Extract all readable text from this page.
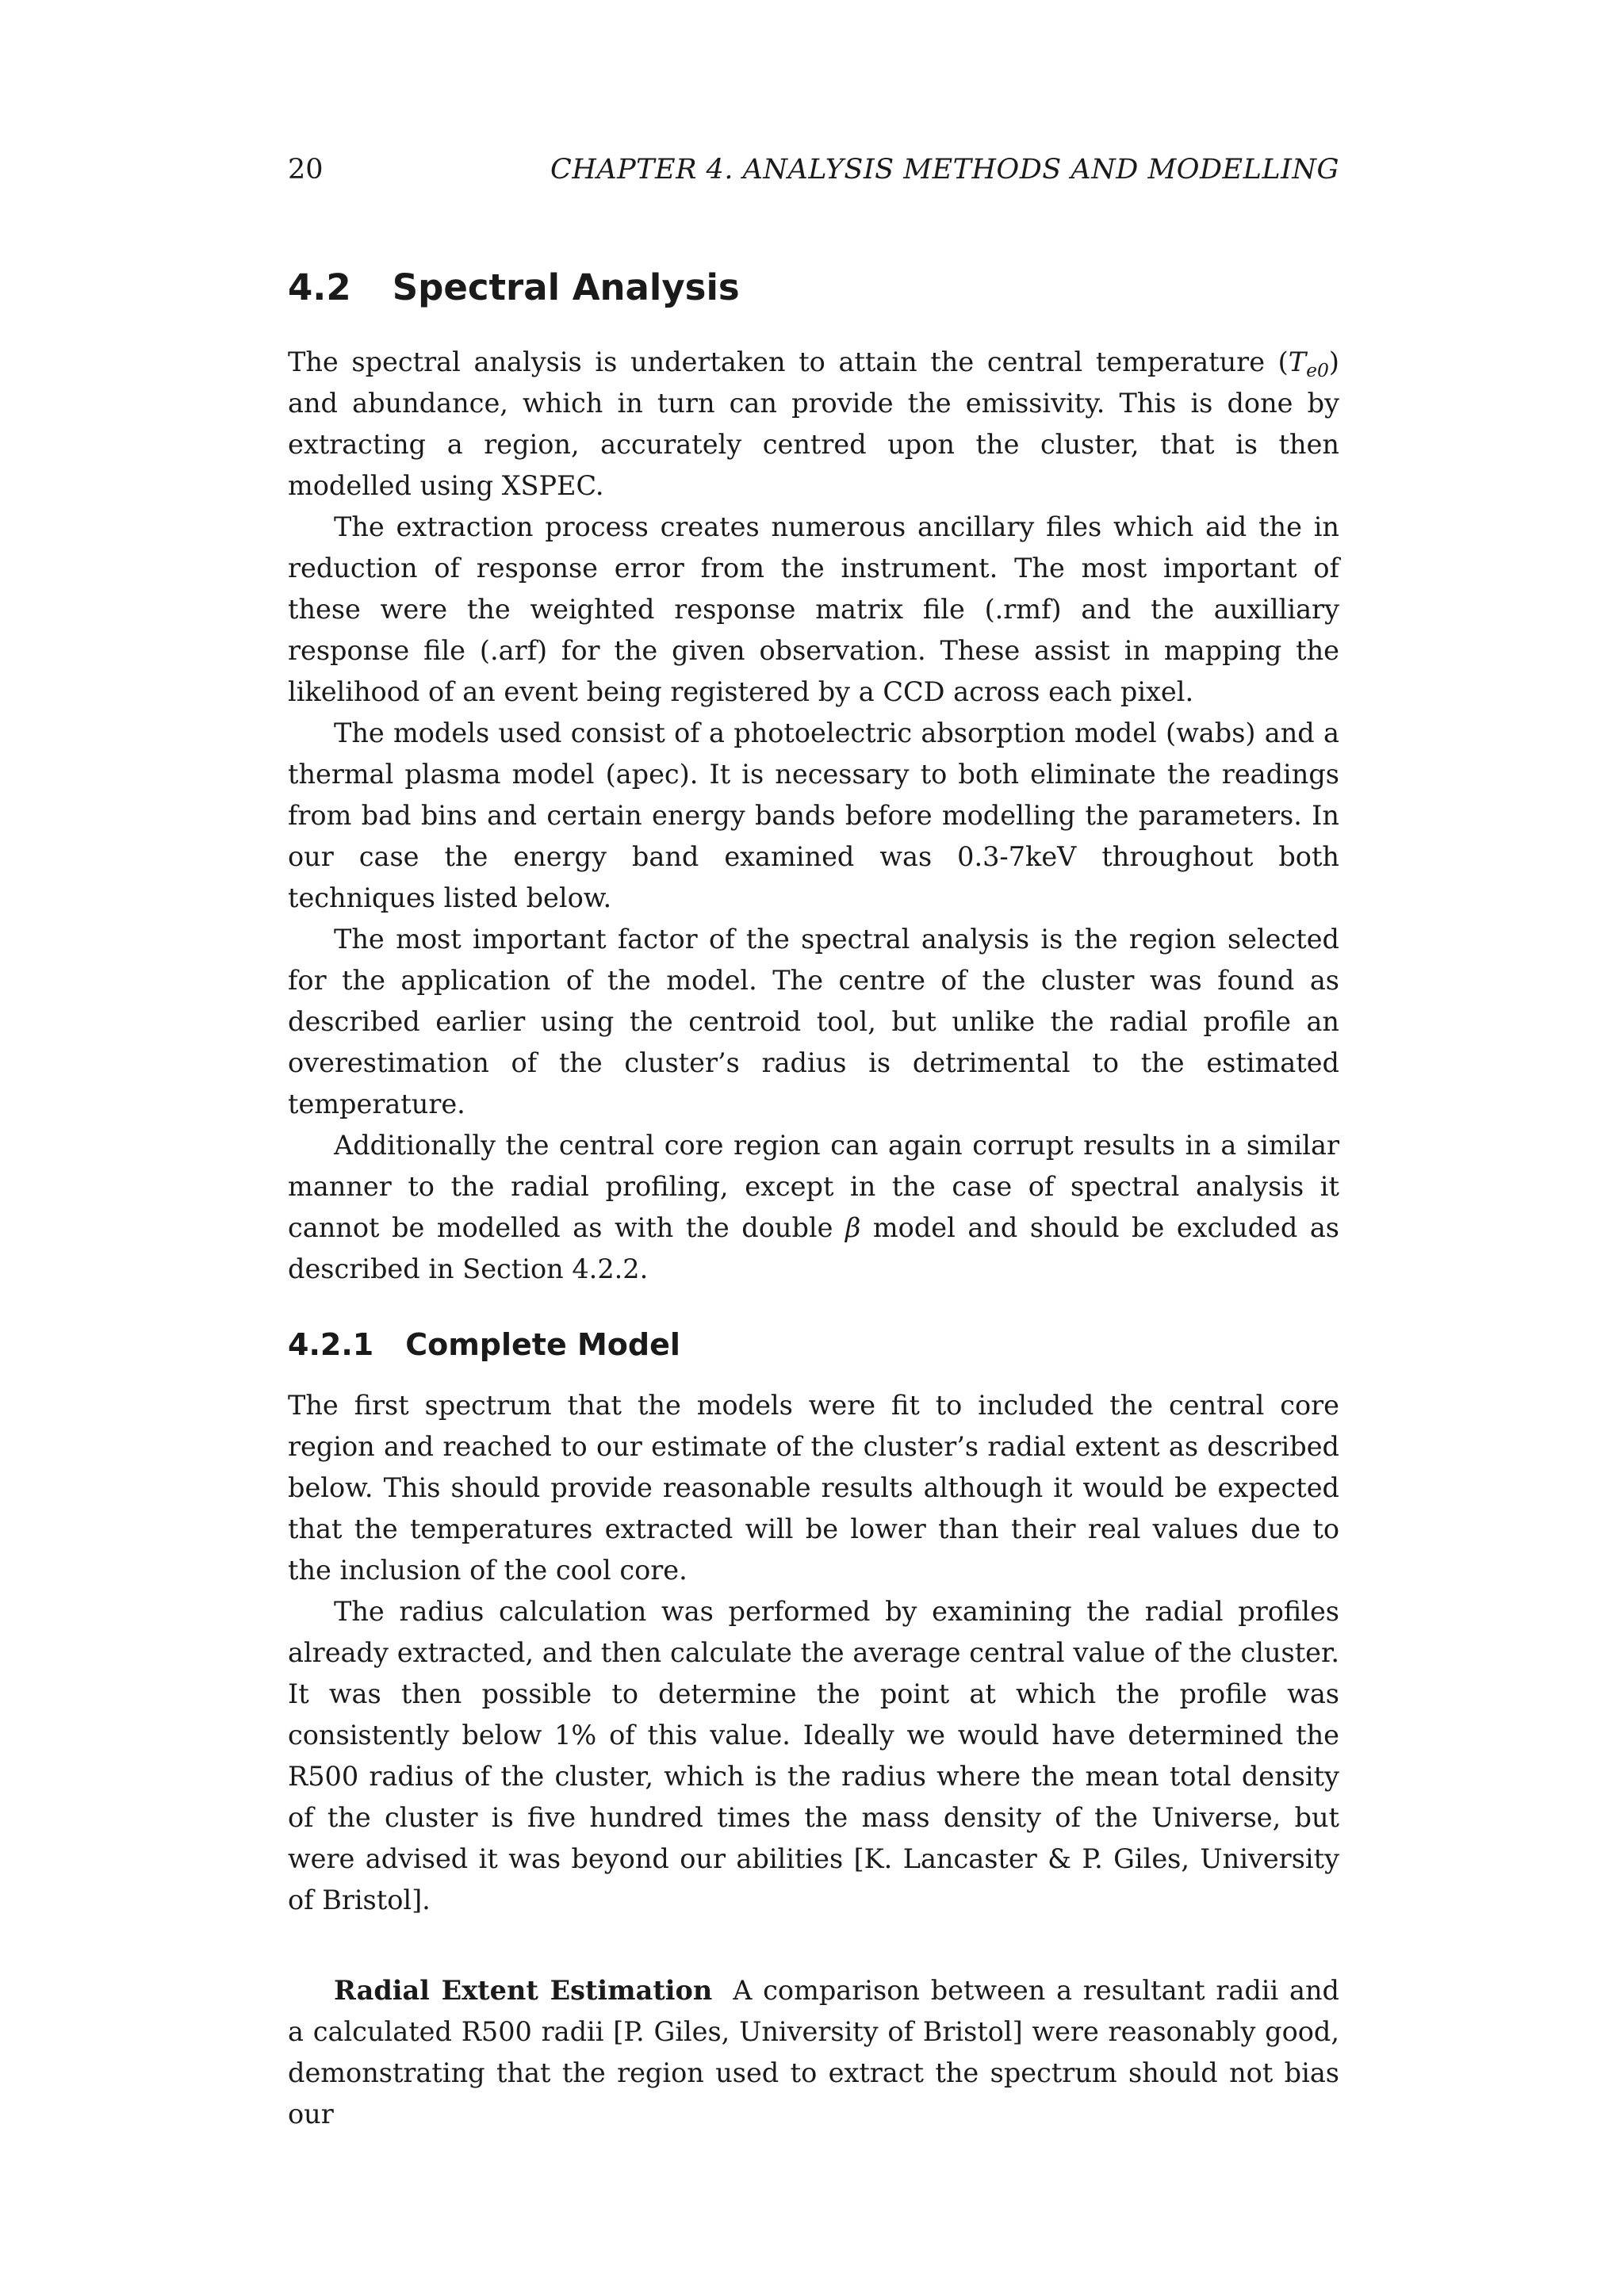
20	CHAPTER 4. ANALYSIS METHODS AND MODELLING
4.2 Spectral Analysis

The spectral analysis is undertaken to attain the central temperature $(T_{e0})$ and abundance, which in turn can provide the emissivity. This is done by extracting a region, accurately centred upon the cluster, that is then modelled using XSPEC.

The extraction process creates numerous ancillary files which aid the in reduction of response error from the instrument. The most important of these were the weighted response matrix file (.rmf) and the auxilliary response file (.arf) for the given observation. These assist in mapping the likelihood of an event being registered by a CCD across each pixel.

The models used consist of a photoelectric absorption model (wabs) and a thermal plasma model (apec). It is necessary to both eliminate the readings from bad bins and certain energy bands before modelling the parameters. In our case the energy band examined was 0.3-7keV throughout both techniques listed below.

The most important factor of the spectral analysis is the region selected for the application of the model. The centre of the cluster was found as described earlier using the centroid tool, but unlike the radial profile an overestimation of the cluster’s radius is detrimental to the estimated temperature.

Additionally the central core region can again corrupt results in a similar manner to the radial profiling, except in the case of spectral analysis it cannot be modelled as with the double β model and should be excluded as described in Section 4.2.2.

4.2.1 Complete Model

The first spectrum that the models were fit to included the central core region and reached to our estimate of the cluster’s radial extent as described below. This should provide reasonable results although it would be expected that the temperatures extracted will be lower than their real values due to the inclusion of the cool core.

The radius calculation was performed by examining the radial profiles already extracted, and then calculate the average central value of the cluster. It was then possible to determine the point at which the profile was consistently below 1% of this value. Ideally we would have determined the R500 radius of the cluster, which is the radius where the mean total density of the cluster is five hundred times the mass density of the Universe, but were advised it was beyond our abilities [K. Lancaster & P. Giles, University of Bristol].

Radial Extent Estimation A comparison between a resultant radii and a calculated R500 radii [P. Giles, University of Bristol] were reasonably good, demonstrating that the region used to extract the spectrum should not bias our
